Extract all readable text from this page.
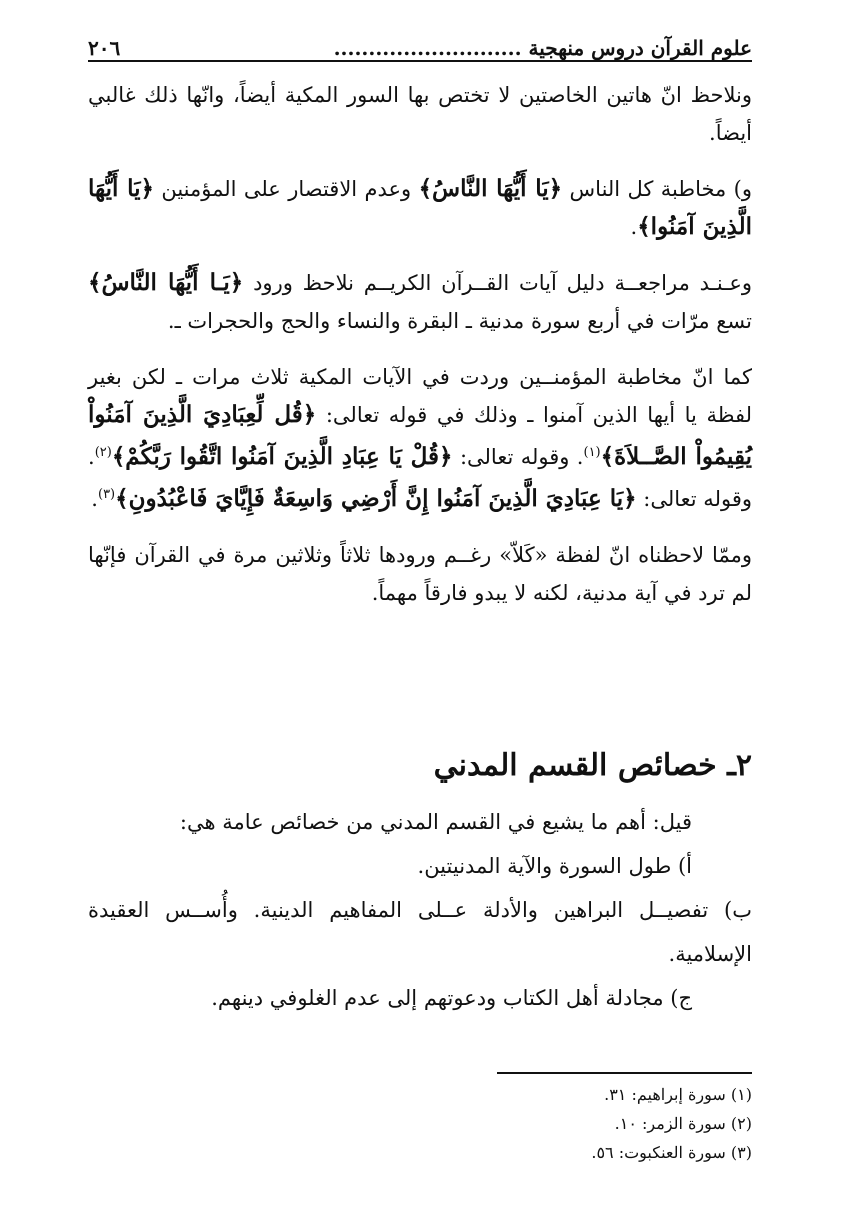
علوم القرآن دروس منهجية ...........................
٢٠٦

ونلاحظ انّ هاتين الخاصتين لا تختص بها السور المكية أيضاً، وانّها ذلك غالبي أيضاً.

و) مخاطبة كل الناس ﴿يَا أَيُّهَا النَّاسُ﴾ وعدم الاقتصار على المؤمنين ﴿يَا أَيُّهَا الَّذِينَ آمَنُوا﴾.

وعـنـد مراجعــة دليل آيات القــرآن الكريــم نلاحظ ورود ﴿يَـا أَيُّهَا النَّاسُ﴾تسع مرّات في أربع سورة مدنية ـ البقرة والنساء والحج والحجرات ـ.

كما انّ مخاطبة المؤمنــين وردت في الآيات المكية ثلاث مرات ـ لكن بغير لفظة يا أيها الذين آمنوا ـ وذلك في قوله تعالى: ﴿قُل لِّعِبَادِيَ الَّذِينَ آمَنُواْ يُقِيمُواْ الصَّــلاَةَ﴾$^{(١)}$. وقوله تعالى: ﴿قُلْ يَا عِبَادِ الَّذِينَ آمَنُوا اتَّقُوا رَبَّكُمْ﴾$^{(٢)}$. وقوله تعالى: ﴿يَا عِبَادِيَ الَّذِينَ آمَنُوا إِنَّ أَرْضِي وَاسِعَةٌ فَإِيَّايَ فَاعْبُدُونِ﴾$^{(٣)}$.

وممّا لاحظناه انّ لفظة «كَلاّ» رغــم ورودها ثلاثاً وثلاثين مرة في القرآن فإنّها لم ترد في آية مدنية، لكنه لا يبدو فارقاً مهماً.

٢ـ خصائص القسم المدني
قيل: أهم ما يشيع في القسم المدني من خصائص عامة هي:
أ) طول السورة والآية المدنيتين.
ب) تفصيــل البراهين والأدلة عــلى المفاهيم الدينية. وأُســس العقيدة الإسلامية.
ج) مجادلة أهل الكتاب ودعوتهم إلى عدم الغلوفي دينهم.
(١) سورة إبراهيم: ٣١.
(٢) سورة الزمر: ١٠.
(٣) سورة العنكبوت: ٥٦.
